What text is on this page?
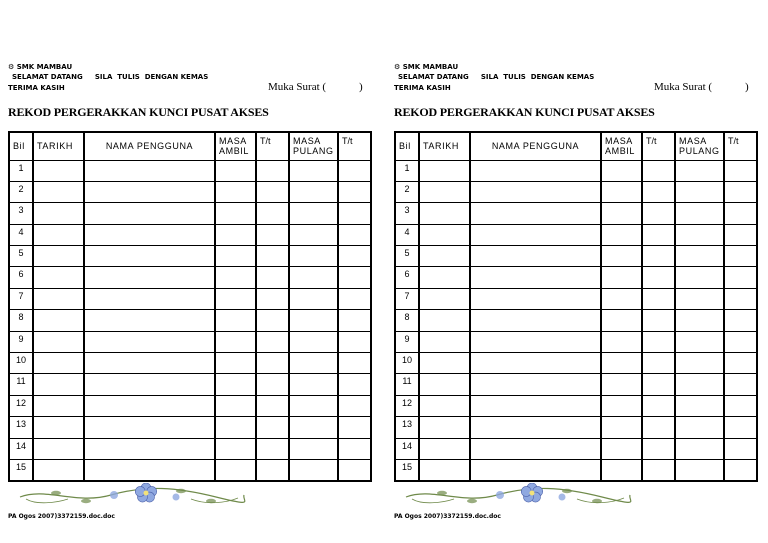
⚙ SMK MAMBAU
SELAMAT DATANG     SILA  TULIS  DENGAN KEMAS
TERIMA KASIH	Muka Surat (            )
REKOD PERGERAKKAN KUNCI PUSAT AKSES
Bil	TARIKH	NAMA PENGGUNA	MASA AMBIL	T/t	MASA PULANG	T/t
1						
2						
3						
4						
5						
6						
7						
8						
9						
10						
11						
12						
13						
14						
15						
PA Ogos 2007)3372159.doc.doc
⚙ SMK MAMBAU
SELAMAT DATANG     SILA  TULIS  DENGAN KEMAS
TERIMA KASIH	Muka Surat (            )
REKOD PERGERAKKAN KUNCI PUSAT AKSES
Bil	TARIKH	NAMA PENGGUNA	MASA AMBIL	T/t	MASA PULANG	T/t
1						
2						
3						
4						
5						
6						
7						
8						
9						
10						
11						
12						
13						
14						
15						
PA Ogos 2007)3372159.doc.doc
